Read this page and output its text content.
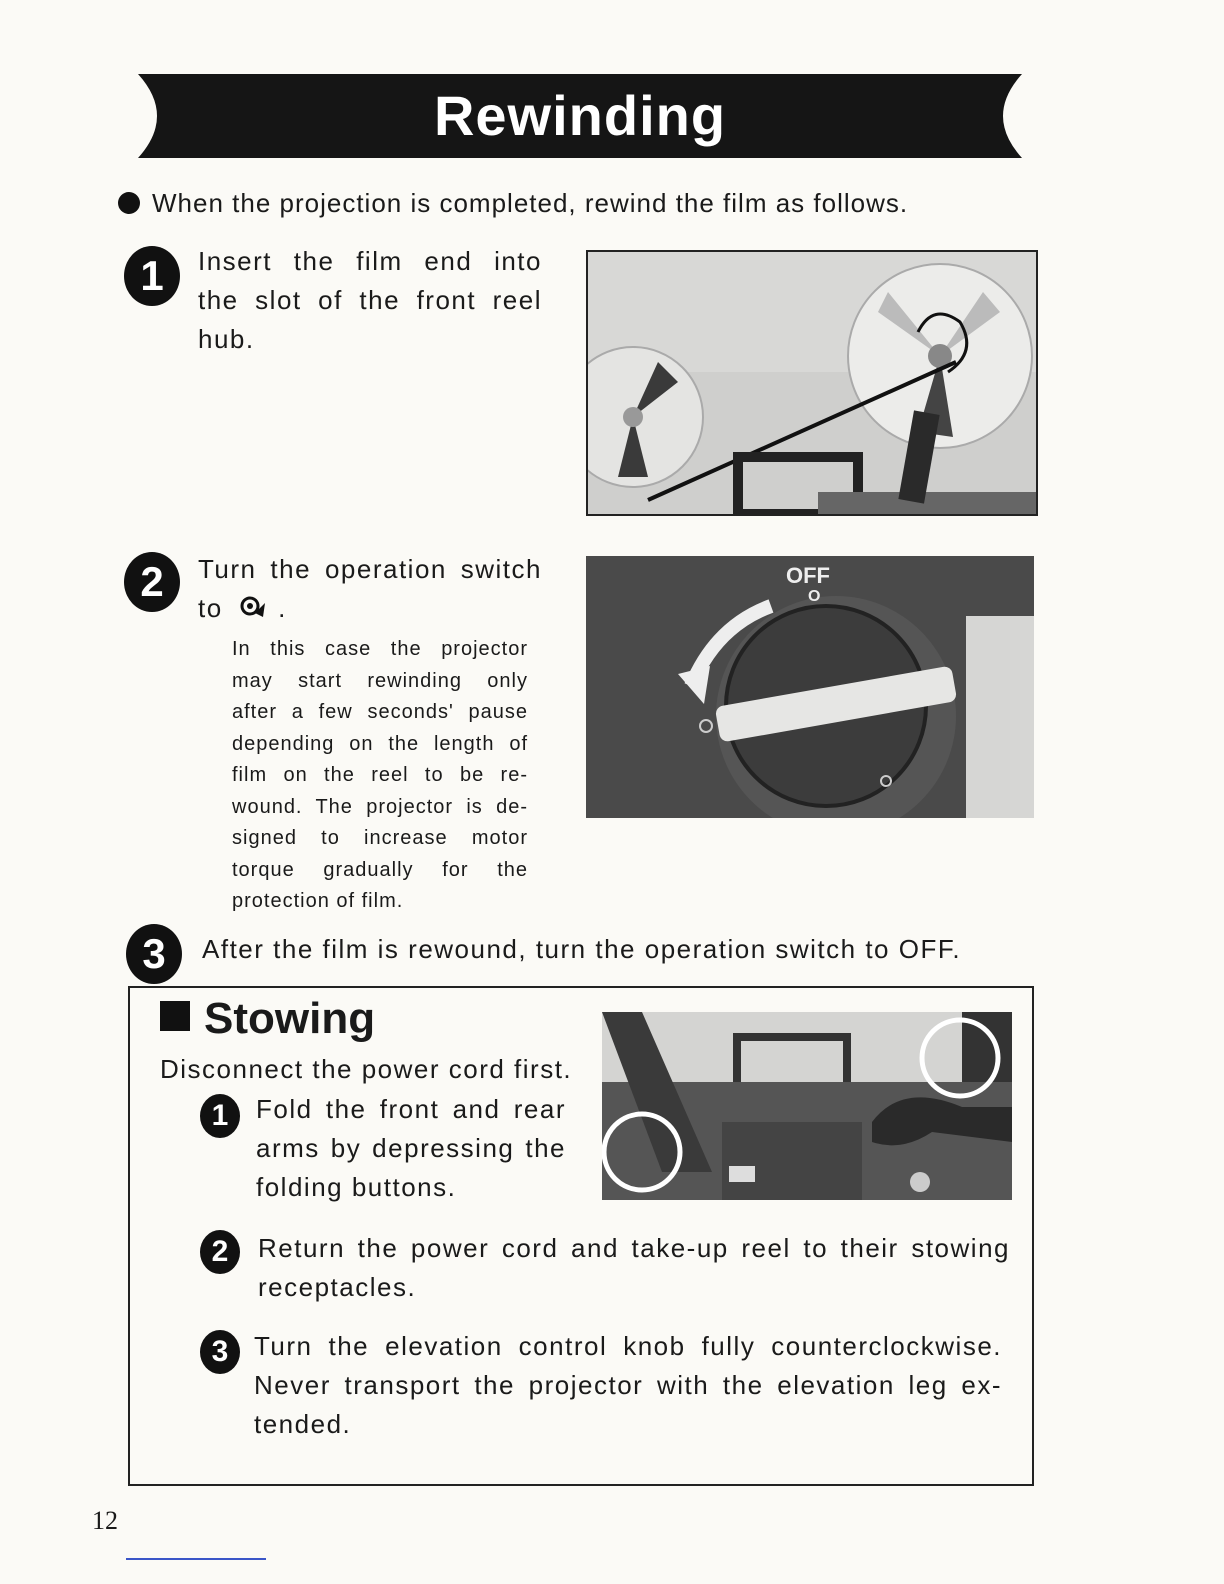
Rewinding
When the projection is completed, rewind the film as follows.
1	Insert the film end into
the slot of the front reel
hub.
2	Turn the operation switch
to  .
In this case the projector
may start rewinding only
after a few seconds' pause
depending on the length of
film on the reel to be re-
wound. The projector is de-
signed to increase motor
torque gradually for the
protection of film.
OFF
O
3	After the film is rewound, turn the operation switch to OFF.
Stowing
Disconnect the power cord first.
1	Fold the front and rear
arms by depressing the
folding buttons.
2	Return the power cord and take-up reel to their stowing
receptacles.
3 Turn the elevation control knob fully counterclockwise.
Never transport the projector with the elevation leg ex-
tended.
12
